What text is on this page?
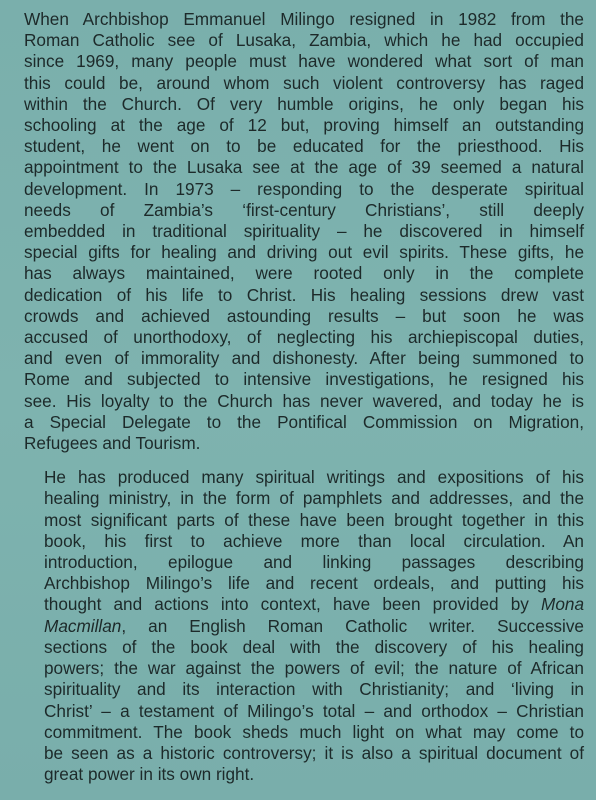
When Archbishop Emmanuel Milingo resigned in 1982 from the
Roman Catholic see of Lusaka, Zambia, which he had occupied
since 1969, many people must have wondered what sort of man
this could be, around whom such violent controversy has raged
within the Church. Of very humble origins, he only began his
schooling at the age of 12 but, proving himself an outstanding
student, he went on to be educated for the priesthood. His
appointment to the Lusaka see at the age of 39 seemed a natural
development. In 1973 – responding to the desperate spiritual
needs of Zambia’s ‘first-century Christians’, still deeply
embedded in traditional spirituality – he discovered in himself
special gifts for healing and driving out evil spirits. These gifts, he
has always maintained, were rooted only in the complete
dedication of his life to Christ. His healing sessions drew vast
crowds and achieved astounding results – but soon he was
accused of unorthodoxy, of neglecting his archiepiscopal duties,
and even of immorality and dishonesty. After being summoned to
Rome and subjected to intensive investigations, he resigned his
see. His loyalty to the Church has never wavered, and today he is
a Special Delegate to the Pontifical Commission on Migration,
Refugees and Tourism.
He has produced many spiritual writings and expositions of his
healing ministry, in the form of pamphlets and addresses, and the
most significant parts of these have been brought together in this
book, his first to achieve more than local circulation. An
introduction, epilogue and linking passages describing
Archbishop Milingo’s life and recent ordeals, and putting his
thought and actions into context, have been provided by Mona
Macmillan, an English Roman Catholic writer. Successive
sections of the book deal with the discovery of his healing
powers; the war against the powers of evil; the nature of African
spirituality and its interaction with Christianity; and ‘living in
Christ’ – a testament of Milingo’s total – and orthodox – Christian
commitment. The book sheds much light on what may come to
be seen as a historic controversy; it is also a spiritual document of
great power in its own right.
